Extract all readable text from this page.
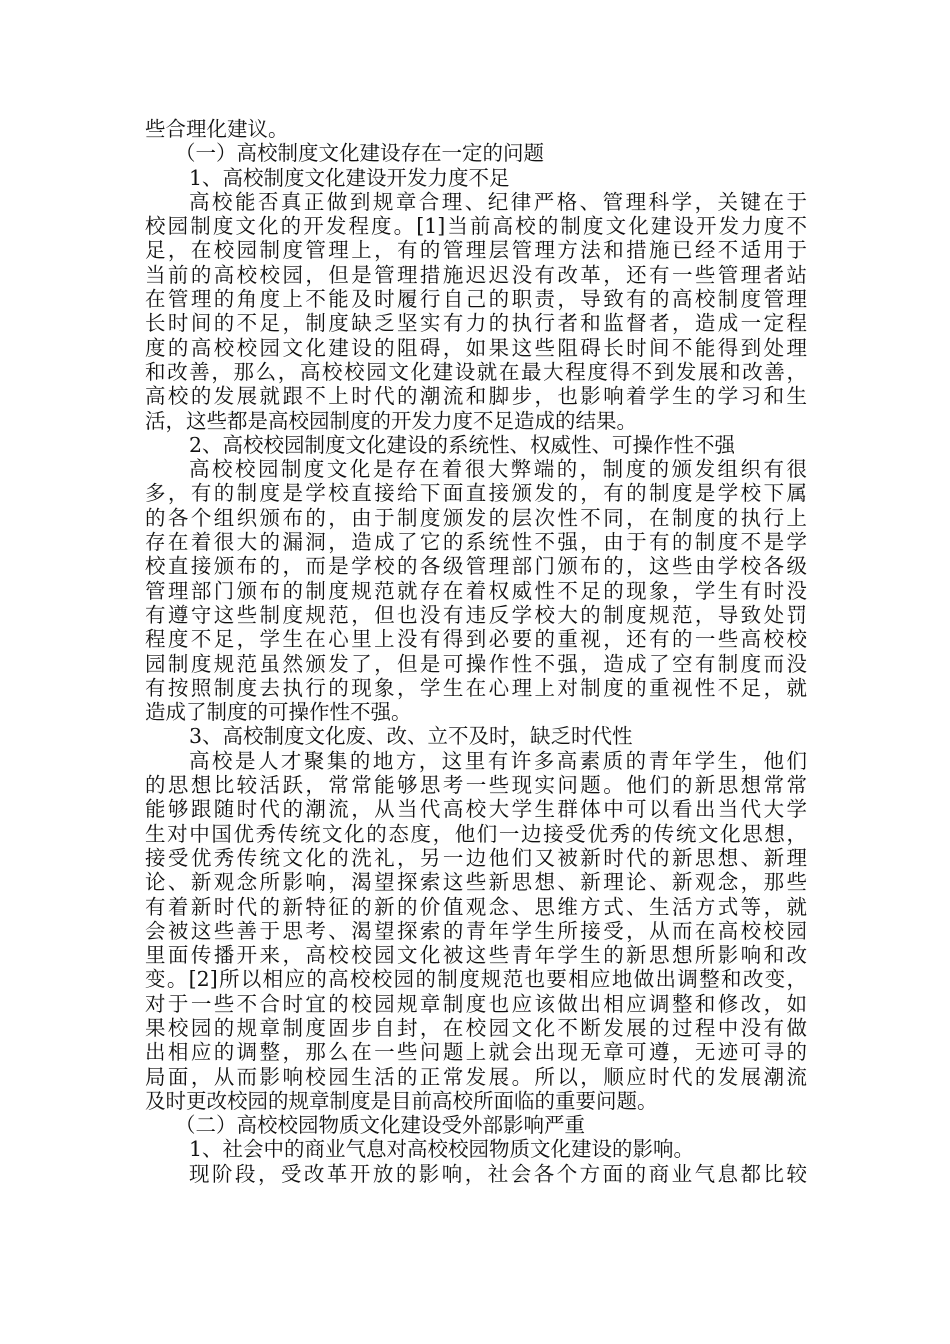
些合理化建议。

（一）高校制度文化建设存在一定的问题

1、高校制度文化建设开发力度不足

高校能否真正做到规章合理、纪律严格、管理科学，关键在于

校园制度文化的开发程度。[1]当前高校的制度文化建设开发力度不

足，在校园制度管理上，有的管理层管理方法和措施已经不适用于

当前的高校校园，但是管理措施迟迟没有改革，还有一些管理者站

在管理的角度上不能及时履行自己的职责，导致有的高校制度管理

长时间的不足，制度缺乏坚实有力的执行者和监督者，造成一定程

度的高校校园文化建设的阻碍，如果这些阻碍长时间不能得到处理

和改善，那么，高校校园文化建设就在最大程度得不到发展和改善，

高校的发展就跟不上时代的潮流和脚步，也影响着学生的学习和生

活，这些都是高校园制度的开发力度不足造成的结果。

2、高校校园制度文化建设的系统性、权威性、可操作性不强

高校校园制度文化是存在着很大弊端的，制度的颁发组织有很

多，有的制度是学校直接给下面直接颁发的，有的制度是学校下属

的各个组织颁布的，由于制度颁发的层次性不同，在制度的执行上

存在着很大的漏洞，造成了它的系统性不强，由于有的制度不是学

校直接颁布的，而是学校的各级管理部门颁布的，这些由学校各级

管理部门颁布的制度规范就存在着权威性不足的现象，学生有时没

有遵守这些制度规范，但也没有违反学校大的制度规范，导致处罚

程度不足，学生在心里上没有得到必要的重视，还有的一些高校校

园制度规范虽然颁发了，但是可操作性不强，造成了空有制度而没

有按照制度去执行的现象，学生在心理上对制度的重视性不足，就

造成了制度的可操作性不强。

3、高校制度文化废、改、立不及时，缺乏时代性

高校是人才聚集的地方，这里有许多高素质的青年学生，他们

的思想比较活跃，常常能够思考一些现实问题。他们的新思想常常

能够跟随时代的潮流，从当代高校大学生群体中可以看出当代大学

生对中国优秀传统文化的态度，他们一边接受优秀的传统文化思想，

接受优秀传统文化的洗礼，另一边他们又被新时代的新思想、新理

论、新观念所影响，渴望探索这些新思想、新理论、新观念，那些

有着新时代的新特征的新的价值观念、思维方式、生活方式等，就

会被这些善于思考、渴望探索的青年学生所接受，从而在高校校园

里面传播开来，高校校园文化被这些青年学生的新思想所影响和改

变。[2]所以相应的高校校园的制度规范也要相应地做出调整和改变，

对于一些不合时宜的校园规章制度也应该做出相应调整和修改，如

果校园的规章制度固步自封，在校园文化不断发展的过程中没有做

出相应的调整，那么在一些问题上就会出现无章可遵，无迹可寻的

局面，从而影响校园生活的正常发展。所以，顺应时代的发展潮流

及时更改校园的规章制度是目前高校所面临的重要问题。

（二）高校校园物质文化建设受外部影响严重

1、社会中的商业气息对高校校园物质文化建设的影响。

现阶段，受改革开放的影响，社会各个方面的商业气息都比较
